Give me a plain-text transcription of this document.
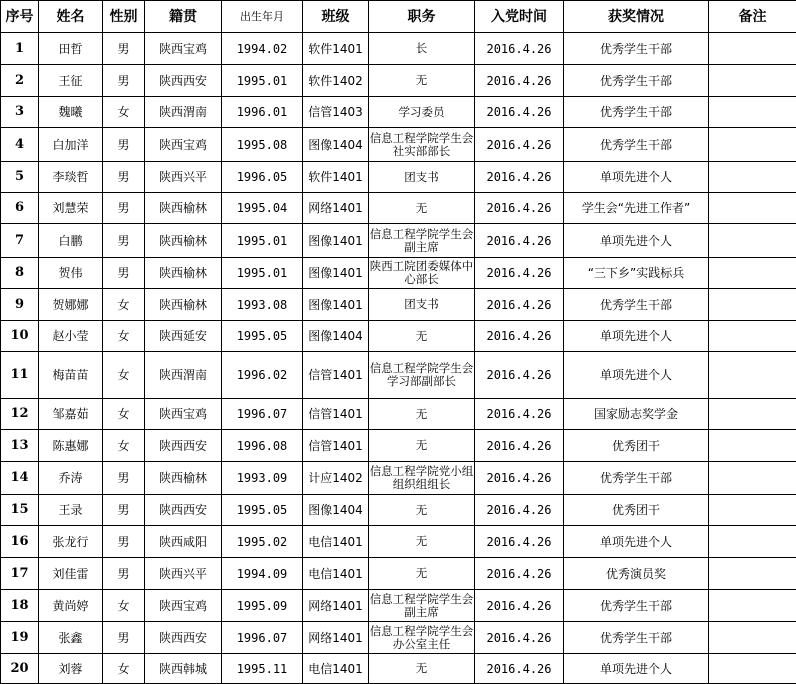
序号	姓名	性别	籍贯	出生年月	班级	职务	入党时间	获奖情况	备注
1	田哲	男	陕西宝鸡	1994.02	软件1401	长	2016.4.26	优秀学生干部	
2	王征	男	陕西西安	1995.01	软件1402	无	2016.4.26	优秀学生干部	
3	魏曦	女	陕西渭南	1996.01	信管1403	学习委员	2016.4.26	优秀学生干部	
4	白加洋	男	陕西宝鸡	1995.08	图像1404	信息工程学院学生会社实部部长	2016.4.26	优秀学生干部	
5	李琰哲	男	陕西兴平	1996.05	软件1401	团支书	2016.4.26	单项先进个人	
6	刘慧荣	男	陕西榆林	1995.04	网络1401	无	2016.4.26	学生会“先进工作者”	
7	白鹏	男	陕西榆林	1995.01	图像1401	信息工程学院学生会副主席	2016.4.26	单项先进个人	
8	贺伟	男	陕西榆林	1995.01	图像1401	陕西工院团委媒体中心部长	2016.4.26	“三下乡”实践标兵	
9	贺娜娜	女	陕西榆林	1993.08	图像1401	团支书	2016.4.26	优秀学生干部	
10	赵小莹	女	陕西延安	1995.05	图像1404	无	2016.4.26	单项先进个人	
11	梅苗苗	女	陕西渭南	1996.02	信管1401	信息工程学院学生会学习部副部长	2016.4.26	单项先进个人	
12	邹嘉茹	女	陕西宝鸡	1996.07	信管1401	无	2016.4.26	国家励志奖学金	
13	陈惠娜	女	陕西西安	1996.08	信管1401	无	2016.4.26	优秀团干	
14	乔涛	男	陕西榆林	1993.09	计应1402	信息工程学院党小组组织组组长	2016.4.26	优秀学生干部	
15	王录	男	陕西西安	1995.05	图像1404	无	2016.4.26	优秀团干	
16	张龙行	男	陕西咸阳	1995.02	电信1401	无	2016.4.26	单项先进个人	
17	刘佳雷	男	陕西兴平	1994.09	电信1401	无	2016.4.26	优秀演员奖	
18	黄尚婷	女	陕西宝鸡	1995.09	网络1401	信息工程学院学生会副主席	2016.4.26	优秀学生干部	
19	张鑫	男	陕西西安	1996.07	网络1401	信息工程学院学生会办公室主任	2016.4.26	优秀学生干部	
20	刘蓉	女	陕西韩城	1995.11	电信1401	无	2016.4.26	单项先进个人	
